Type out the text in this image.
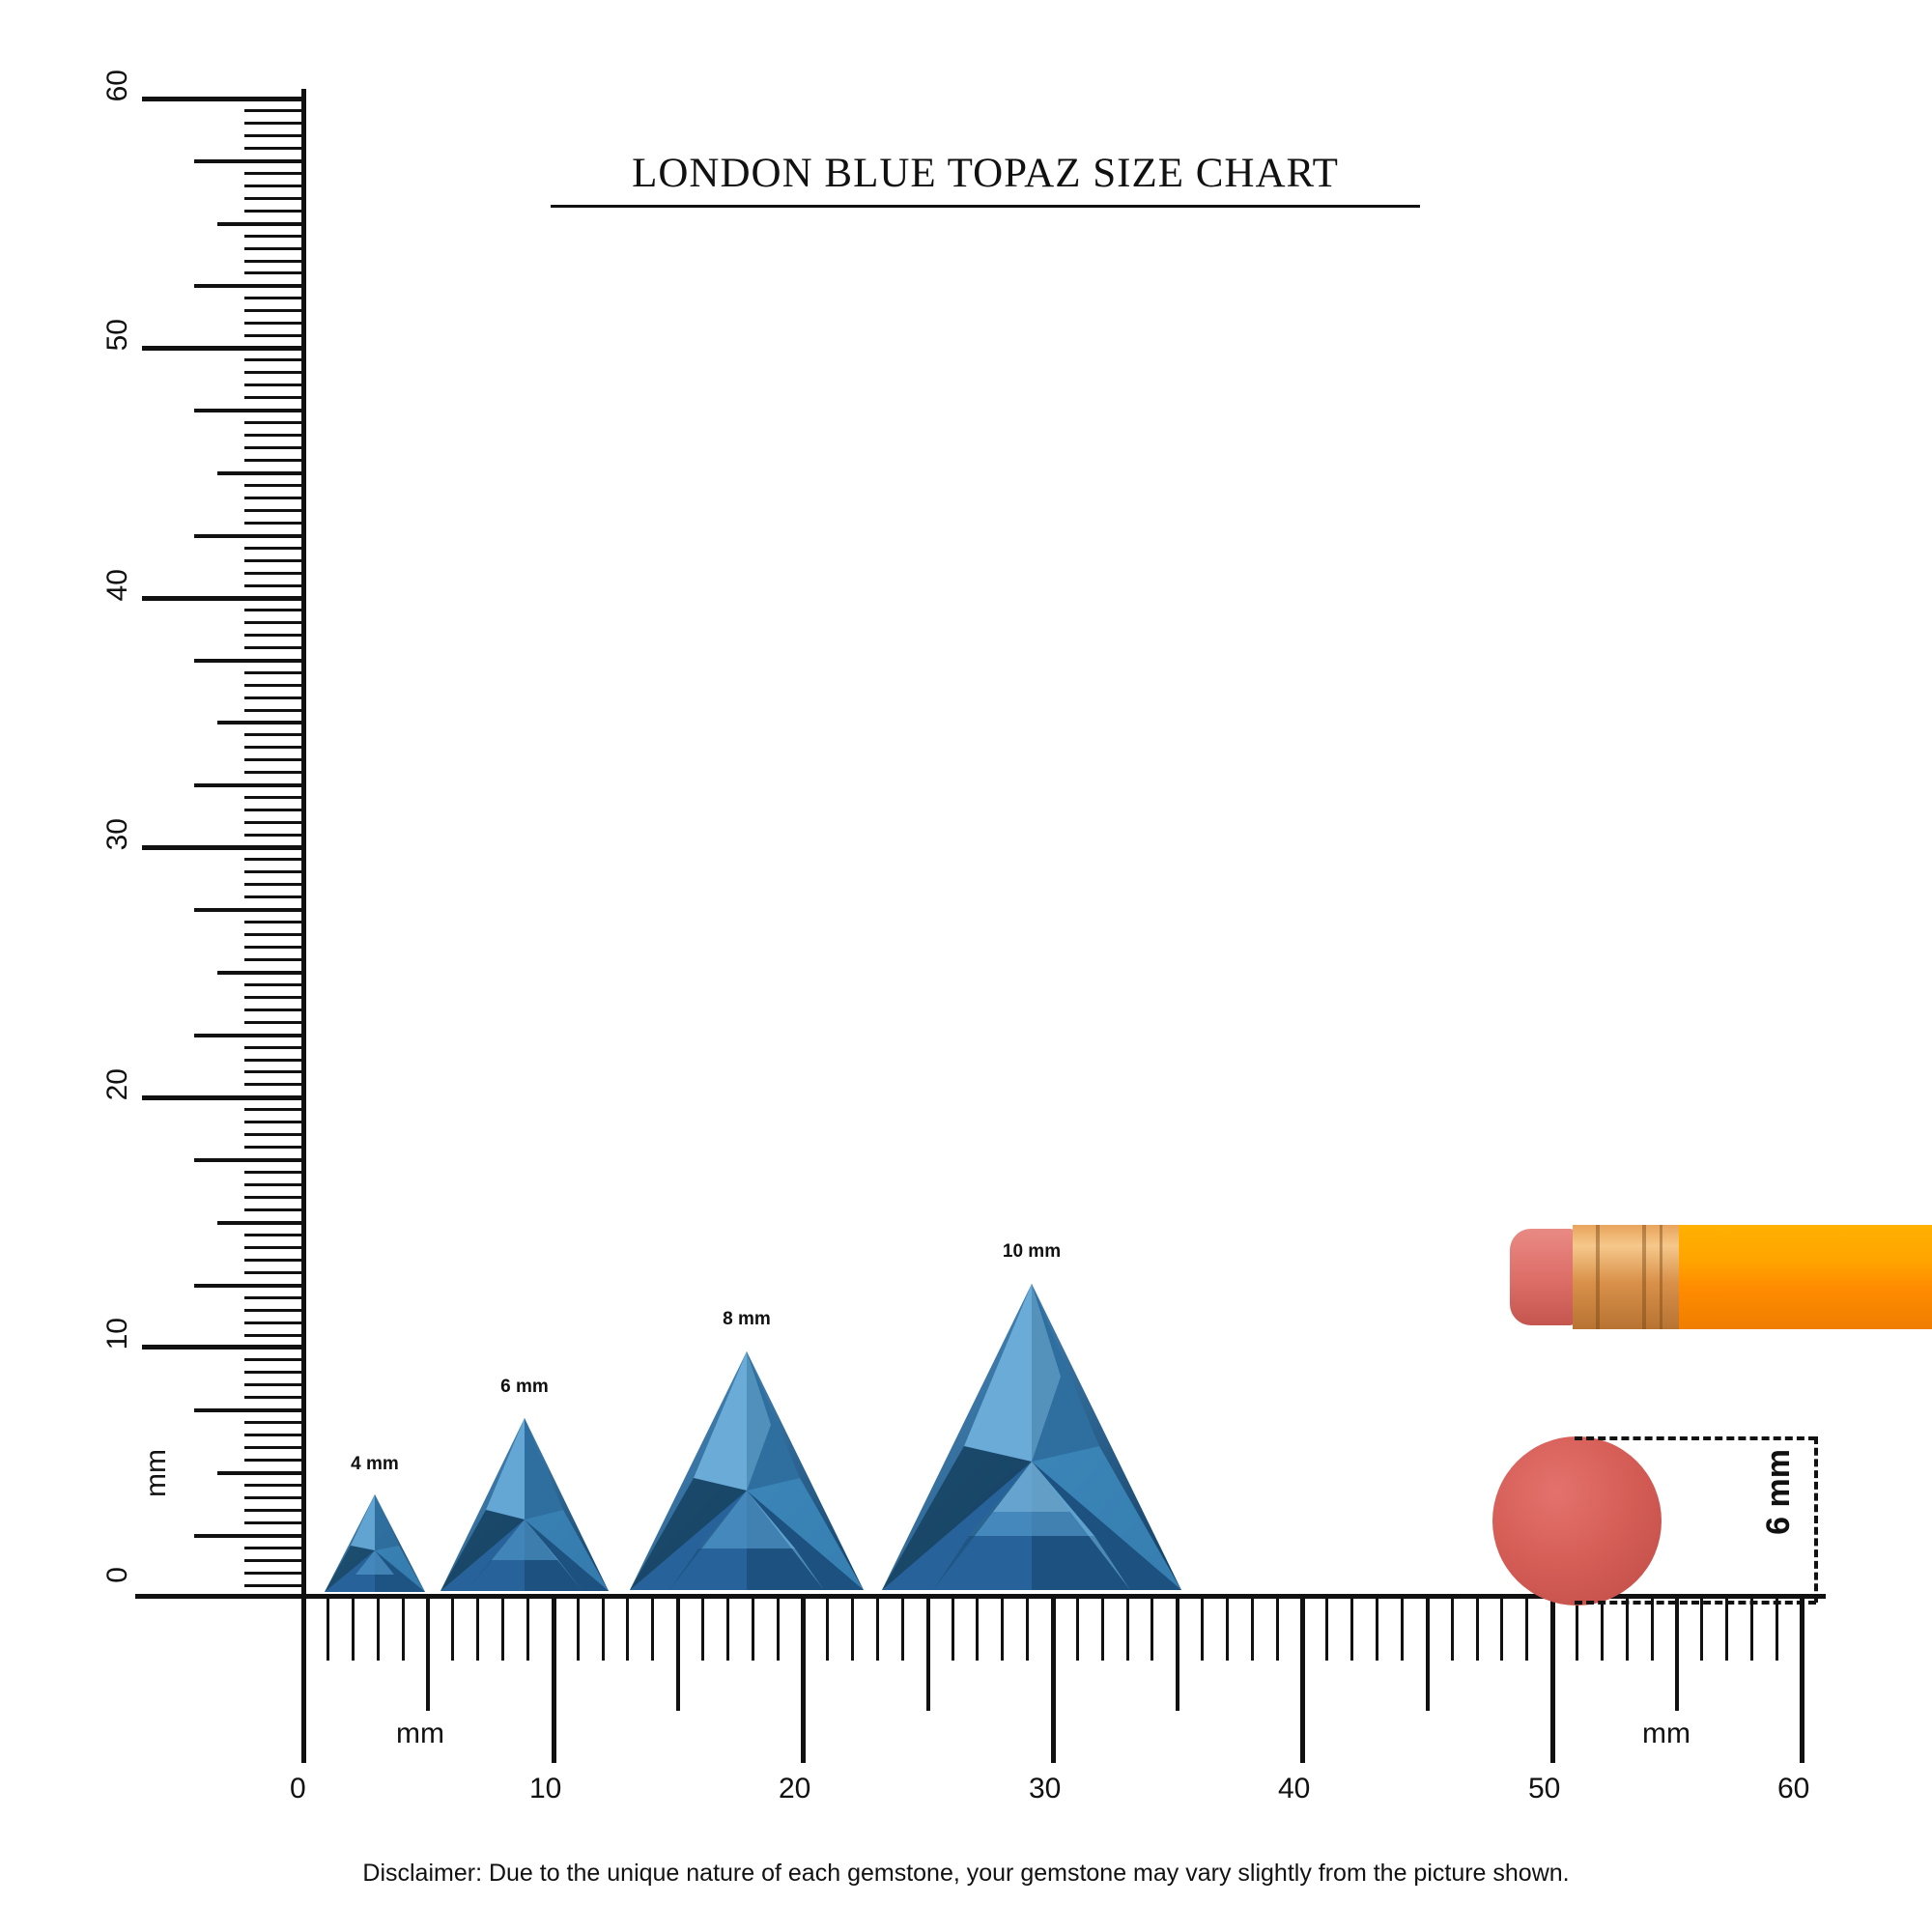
LONDON BLUE TOPAZ SIZE CHART
60
50
40
30
20
10
0
mm
0	10	20	30	40	50	60
mm	mm
4 mm
6 mm
8 mm
10 mm
6 mm
Disclaimer: Due to the unique nature of each gemstone, your gemstone may vary slightly from the picture shown.
